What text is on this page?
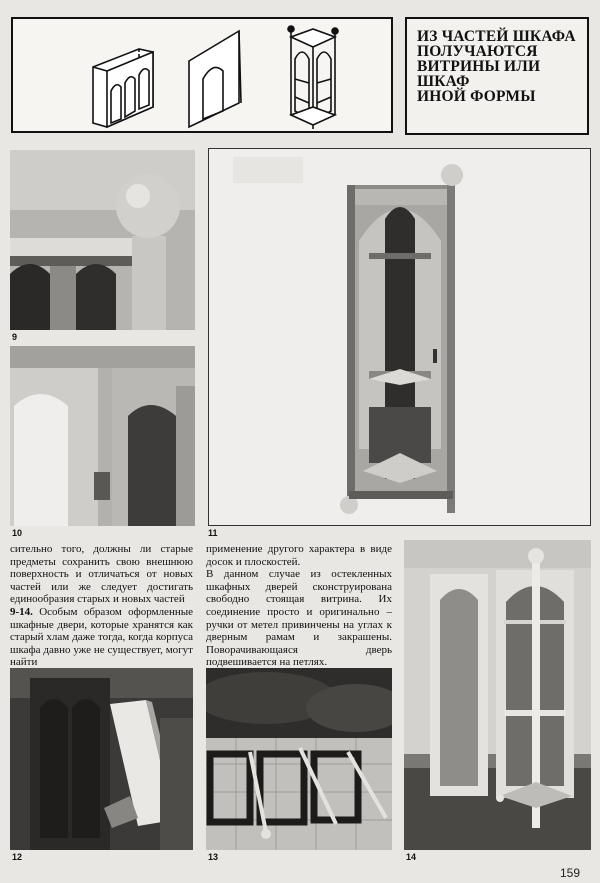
ИЗ ЧАСТЕЙ ШКАФА
ПОЛУЧАЮТСЯ
ВИТРИНЫ ИЛИ
ШКАФ
ИНОЙ ФОРМЫ
9
10	11

сительно того, должны ли старые предметы сохранить свою внешнюю поверхность и отличаться от новых частей или же следует достигать единообразия старых и новых частей

9-14. Особым образом оформленные шкафные двери, которые хранятся как старый хлам даже тогда, когда корпуса шкафа давно уже не существует, могут найти

применение другого характера в виде досок и плоскостей.

В данном случае из остекленных шкафных дверей сконструирована свободно стоящая витрина. Их соединение просто и оригинально – ручки от метел привинчены на углах к дверным рамам и закрашены. Поворачивающаяся дверь подвешивается на петлях.

14
12	13
159
